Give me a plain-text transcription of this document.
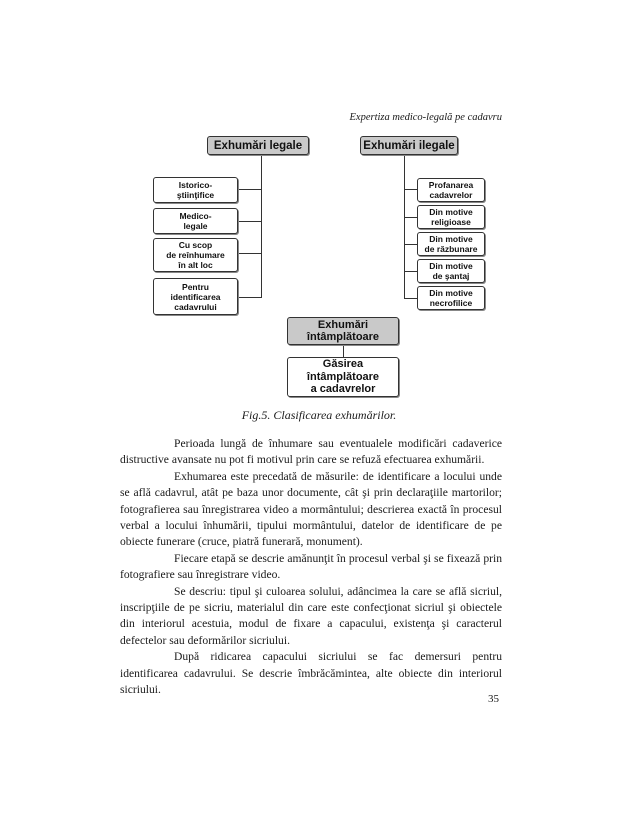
Expertiza medico-legală pe cadavru
Exhumări legale
Istorico-
ştiinţifice
Medico-
legale
Cu scop
de reînhumare
în alt loc
Pentru
identificarea
cadavrului
Exhumări ilegale
Profanarea
cadavrelor
Din motive
religioase
Din motive
de răzbunare
Din motive
de şantaj
Din motive
necrofilice
Exhumări
întâmplătoare
Găsirea
întâmplătoare
a cadavrelor
Fig.5. Clasificarea exhumărilor.

Perioada lungă de înhumare sau eventualele modificări cadaverice distructive avansate nu pot fi motivul prin care se refuză efectuarea exhumării.

Exhumarea este precedată de măsurile: de identificare a locului unde se află cadavrul, atât pe baza unor documente, cât şi prin declaraţiile martorilor; fotografierea sau înregistrarea video a mormântului; descrierea exactă în procesul verbal a locului înhumării, tipului mormântului, datelor de identificare de pe obiecte funerare (cruce, piatră funerară, monument).

Fiecare etapă se descrie amănunţit în procesul verbal şi se fixează prin fotografiere sau înregistrare video.

Se descriu: tipul şi culoarea solului, adâncimea la care se află sicriul, inscripţiile de pe sicriu, materialul din care este confecţionat sicriul şi obiectele din interiorul acestuia, modul de fixare a capacului, existenţa şi caracterul defectelor sau deformărilor sicriului.

După ridicarea capacului sicriului se fac demersuri pentru identificarea cadavrului. Se descrie îmbrăcămintea, alte obiecte din interiorul sicriului.

35
